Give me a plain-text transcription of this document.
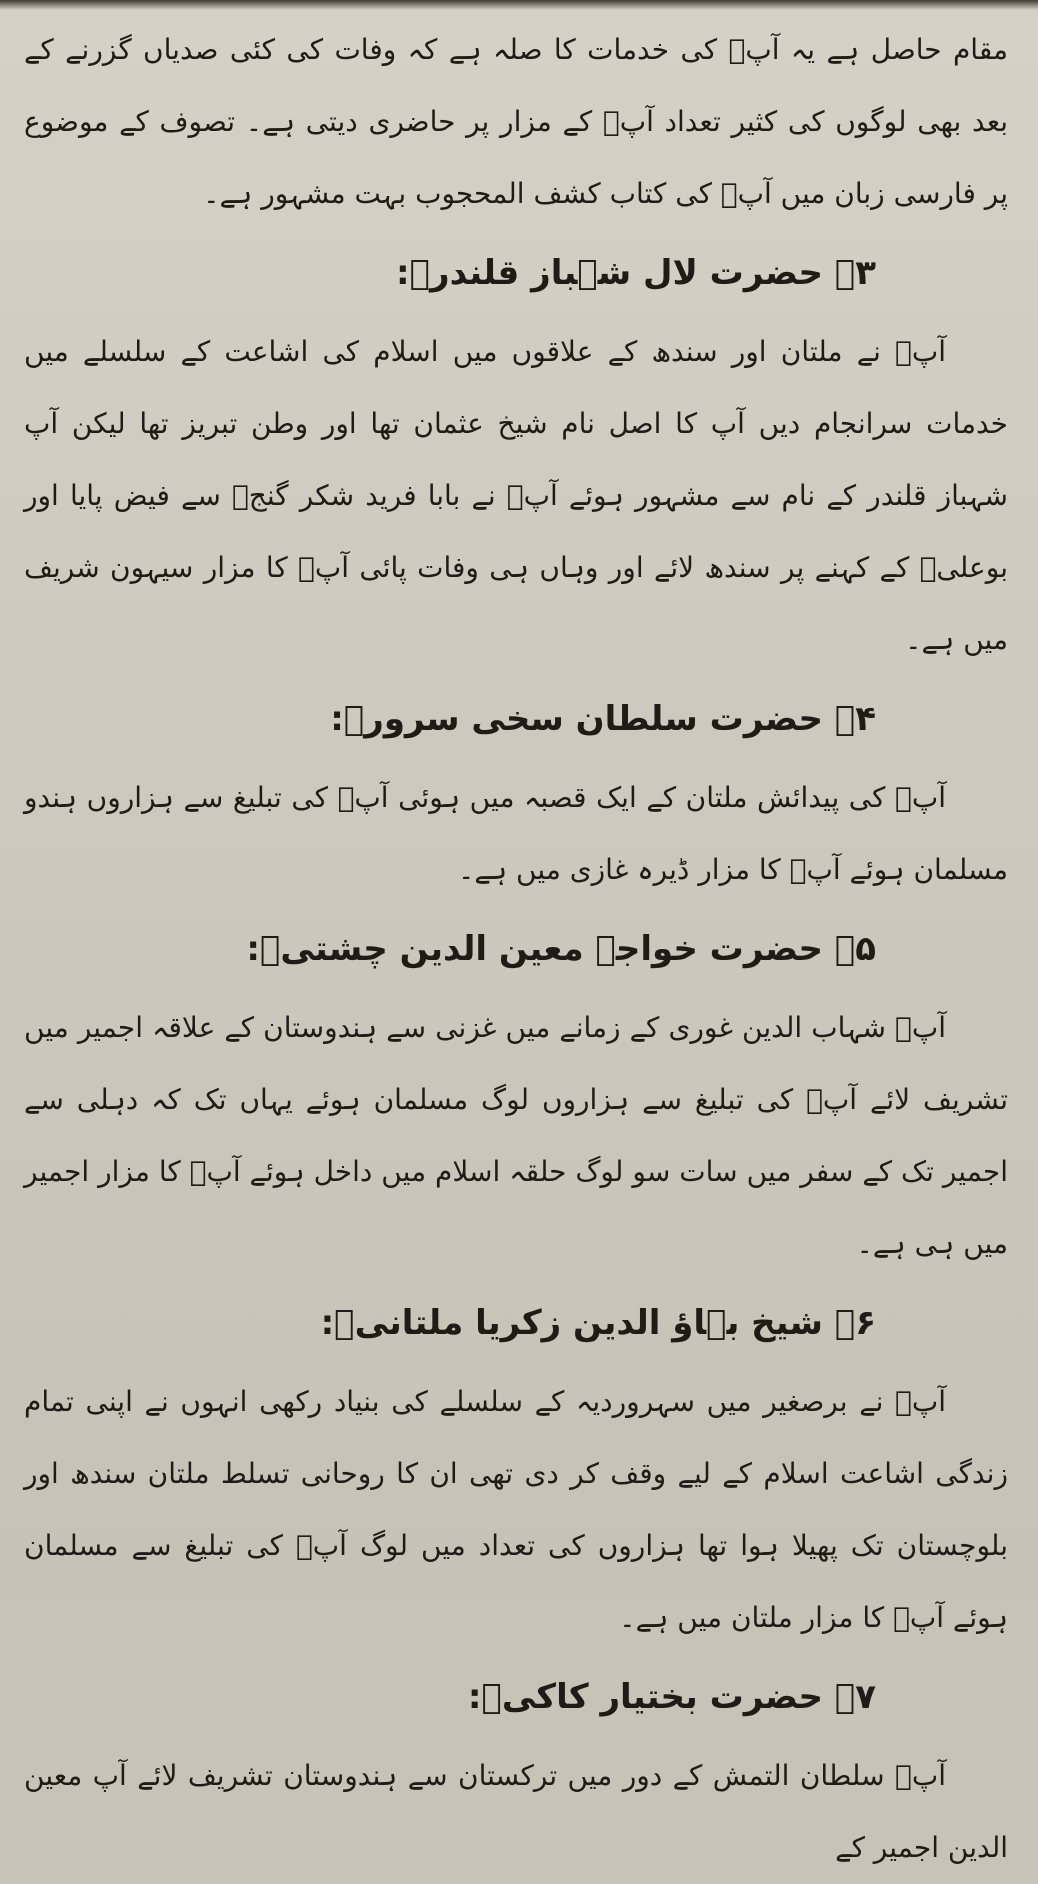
مقام حاصل ہے یہ آپؒ کی خدمات کا صلہ ہے کہ وفات کی کئی صدیاں گزرنے کے بعد بھی لوگوں کی کثیر تعداد آپؒ کے مزار پر حاضری دیتی ہے۔ تصوف کے موضوع پر فارسی زبان میں آپؒ کی کتاب کشف المحجوب بہت مشہور ہے۔

۳۔ حضرت لال شہباز قلندرؒ:

آپؒ نے ملتان اور سندھ کے علاقوں میں اسلام کی اشاعت کے سلسلے میں خدمات سرانجام دیں آپ کا اصل نام شیخ عثمان تھا اور وطن تبریز تھا لیکن آپ شہباز قلندر کے نام سے مشہور ہوئے آپؒ نے بابا فرید شکر گنجؒ سے فیض پایا اور بوعلیؒ کے کہنے پر سندھ لائے اور وہاں ہی وفات پائی آپؒ کا مزار سیہون شریف میں ہے۔

۴۔ حضرت سلطان سخی سرورؒ:

آپؒ کی پیدائش ملتان کے ایک قصبہ میں ہوئی آپؒ کی تبلیغ سے ہزاروں ہندو مسلمان ہوئے آپؒ کا مزار ڈیرہ غازی میں ہے۔

۵۔ حضرت خواجہ معین الدین چشتیؒ:

آپؒ شہاب الدین غوری کے زمانے میں غزنی سے ہندوستان کے علاقہ اجمیر میں تشریف لائے آپؒ کی تبلیغ سے ہزاروں لوگ مسلمان ہوئے یہاں تک کہ دہلی سے اجمیر تک کے سفر میں سات سو لوگ حلقہ اسلام میں داخل ہوئے آپؒ کا مزار اجمیر میں ہی ہے۔

۶۔ شیخ بہاؤ الدین زکریا ملتانیؒ:

آپؒ نے برصغیر میں سہروردیہ کے سلسلے کی بنیاد رکھی انہوں نے اپنی تمام زندگی اشاعت اسلام کے لیے وقف کر دی تھی ان کا روحانی تسلط ملتان سندھ اور بلوچستان تک پھیلا ہوا تھا ہزاروں کی تعداد میں لوگ آپؒ کی تبلیغ سے مسلمان ہوئے آپؒ کا مزار ملتان میں ہے۔

۷۔ حضرت بختیار کاکیؒ:

آپؒ سلطان التمش کے دور میں ترکستان سے ہندوستان تشریف لائے آپ معین الدین اجمیر کے
